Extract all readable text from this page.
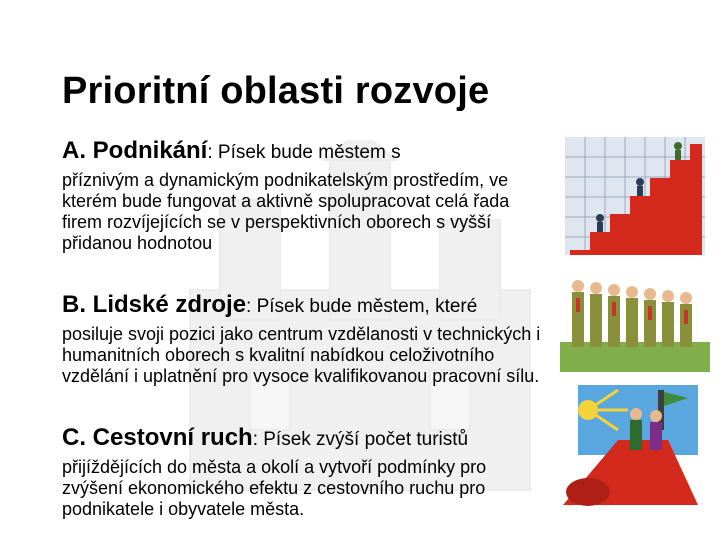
Prioritní oblasti rozvoje
A. Podnikání: Písek bude městem s
příznivým a dynamickým podnikatelským prostředím, ve kterém bude fungovat a aktivně spolupracovat celá řada firem rozvíjejících se v perspektivních oborech s vyšší přidanou hodnotou
B. Lidské zdroje: Písek bude městem, které
posiluje svoji pozici jako centrum vzdělanosti v technických i humanitních oborech s kvalitní nabídkou celoživotního vzdělání i uplatnění pro vysoce kvalifikovanou pracovní sílu.
C. Cestovní ruch: Písek zvýší počet turistů
přijíždějících do města a okolí a vytvoří podmínky pro zvýšení ekonomického efektu z cestovního ruchu pro podnikatele i obyvatele města.
